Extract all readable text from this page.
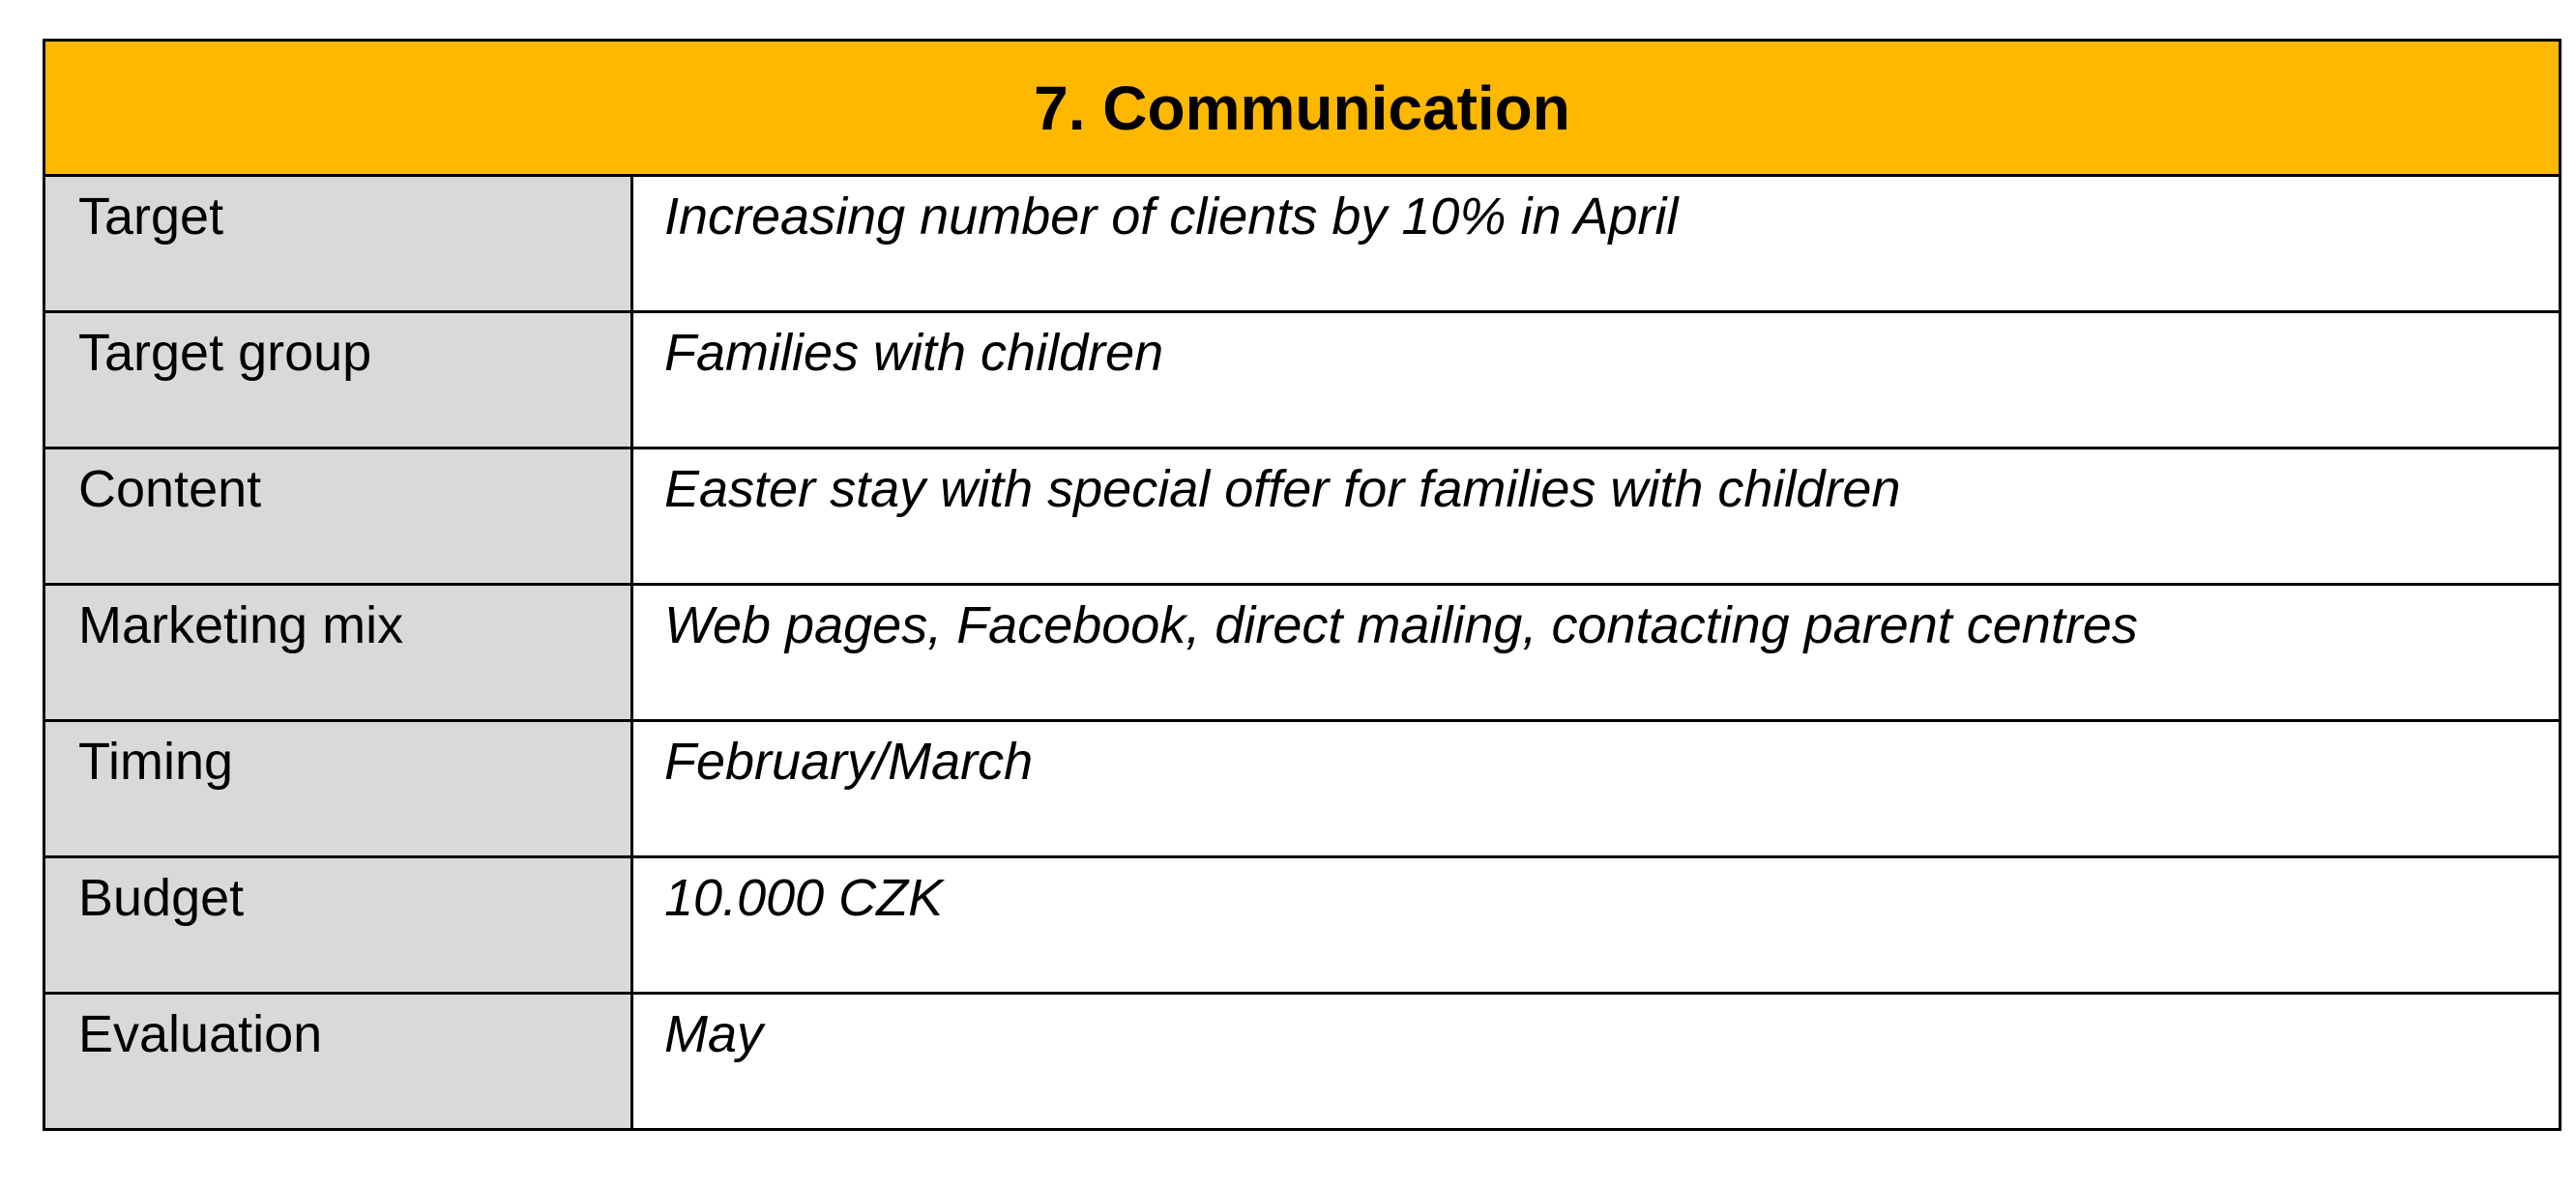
7. Communication	
Target	Increasing number of clients by 10% in April
Target group	Families with children
Content	Easter stay with special offer for families with children
Marketing mix	Web pages, Facebook, direct mailing, contacting parent centres
Timing	February/March
Budget	10.000 CZK
Evaluation	May
